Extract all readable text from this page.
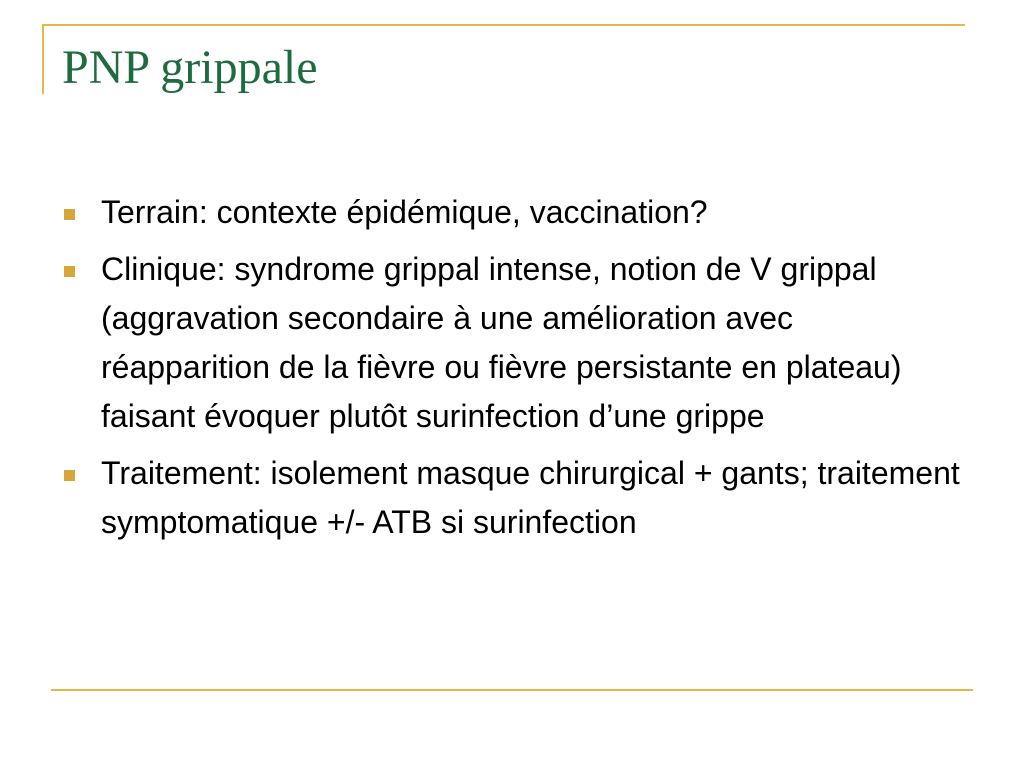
PNP grippale
Terrain: contexte épidémique, vaccination?
Clinique: syndrome grippal intense, notion de V grippal (aggravation secondaire à une amélioration avec réapparition de la fièvre ou fièvre persistante en plateau) faisant évoquer plutôt surinfection d’une grippe
Traitement: isolement masque chirurgical + gants; traitement symptomatique +/- ATB si surinfection
